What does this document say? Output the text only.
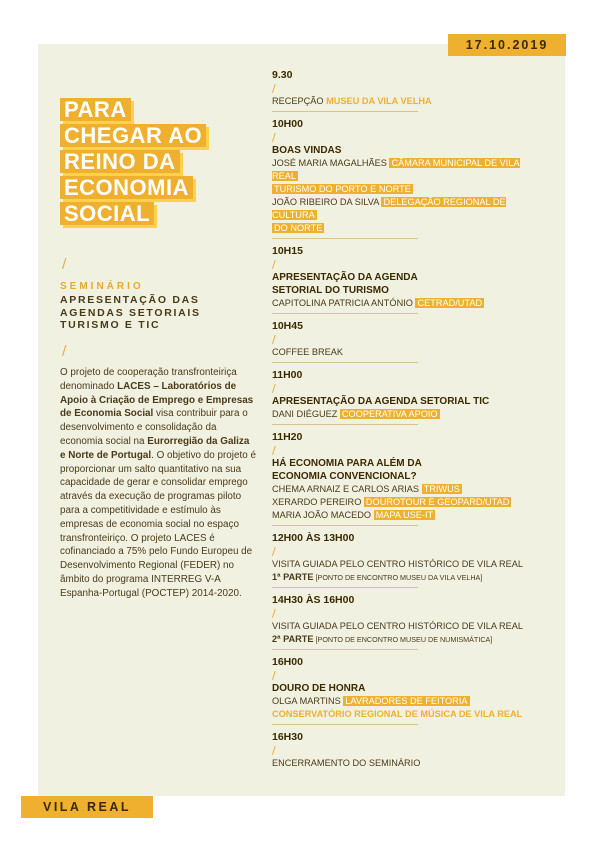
17.10.2019
PARA
CHEGAR AO
REINO DA
ECONOMIA
SOCIAL
/
SEMINÁRIO
APRESENTAÇÃO DAS
AGENDAS SETORIAIS
TURISMO E TIC
/
O projeto de cooperação transfronteiriça denominado LACES – Laboratórios de Apoio à Criação de Emprego e Empresas de Economia Social visa contribuir para o desenvolvimento e consolidação da economia social na Eurorregião da Galiza e Norte de Portugal. O objetivo do projeto é proporcionar um salto quantitativo na sua capacidade de gerar e consolidar emprego através da execução de programas piloto para a competitividade e estímulo às empresas de economia social no espaço transfronteiriço. O projeto LACES é cofinanciado a 75% pelo Fundo Europeu de Desenvolvimento Regional (FEDER) no âmbito do programa INTERREG V-A Espanha-Portugal (POCTEP) 2014-2020.
9.30
/
RECEPÇÃO MUSEU DA VILA VELHA
10H00
/
BOAS VINDAS
JOSÉ MARIA MAGALHÃES CÂMARA MUNICIPAL DE VILA REAL
TURISMO DO PORTO E NORTE
JOÃO RIBEIRO DA SILVA DELEGAÇÃO REGIONAL DE CULTURA
DO NORTE
10H15
/
APRESENTAÇÃO DA AGENDA
SETORIAL DO TURISMO
CAPITOLINA PATRICIA ANTÓNIO CETRAD/UTAD
10H45
/
COFFEE BREAK
11H00
/
APRESENTAÇÃO DA AGENDA SETORIAL TIC
DANI DIÉGUEZ COOPERATIVA APOIO
11H20
/
HÁ ECONOMIA PARA ALÉM DA
ECONOMIA CONVENCIONAL?
CHEMA ARNAIZ E CARLOS ARIAS TRIWUS
XERARDO PEREIRO DOUROTOUR E GEOPARD/UTAD
MARIA JOÃO MACEDO MAPA USE-IT
12H00 ÀS 13H00
/
VISITA GUIADA PELO CENTRO HISTÓRICO DE VILA REAL
1ª PARTE [PONTO DE ENCONTRO MUSEU DA VILA VELHA]
14H30 ÀS 16H00
/
VISITA GUIADA PELO CENTRO HISTÓRICO DE VILA REAL
2ª PARTE [PONTO DE ENCONTRO MUSEU DE NUMISMÁTICA]
16H00
/
DOURO DE HONRA
OLGA MARTINS LAVRADORES DE FEITORIA
CONSERVATÓRIO REGIONAL DE MÚSICA DE VILA REAL
16H30
/
ENCERRAMENTO DO SEMINÁRIO
VILA REAL
